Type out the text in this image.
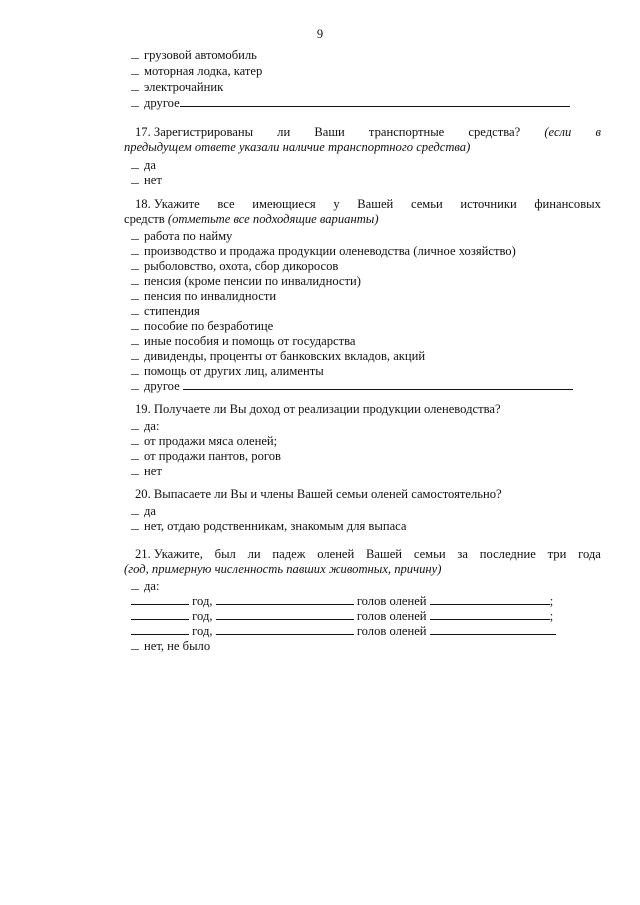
9
грузовой автомобиль
моторная лодка, катер
электрочайник
другое
17. Зарегистрированы ли Ваши транспортные средства? (если в
предыдущем ответе указали наличие транспортного средства)
да
нет
18. Укажите все имеющиеся у Вашей семьи источники финансовых
средств (отметьте все подходящие варианты)
работа по найму
производство и продажа продукции оленеводства (личное хозяйство)
рыболовство, охота, сбор дикоросов
пенсия (кроме пенсии по инвалидности)
пенсия по инвалидности
стипендия
пособие по безработице
иные пособия и помощь от государства
дивиденды, проценты от банковских вкладов, акций
помощь от других лиц, алименты
другое
19. Получаете ли Вы доход от реализации продукции оленеводства?
да:
от продажи мяса оленей;
от продажи пантов, рогов
нет
20. Выпасаете ли Вы и члены Вашей семьи оленей самостоятельно?
да
нет, отдаю родственникам, знакомым для выпаса
21. Укажите, был ли падеж оленей Вашей семьи за последние три года
(год, примерную численность павших животных, причину)
да:
год,	голов оленей	;
год,	голов оленей	;
год,	голов оленей
нет, не было
